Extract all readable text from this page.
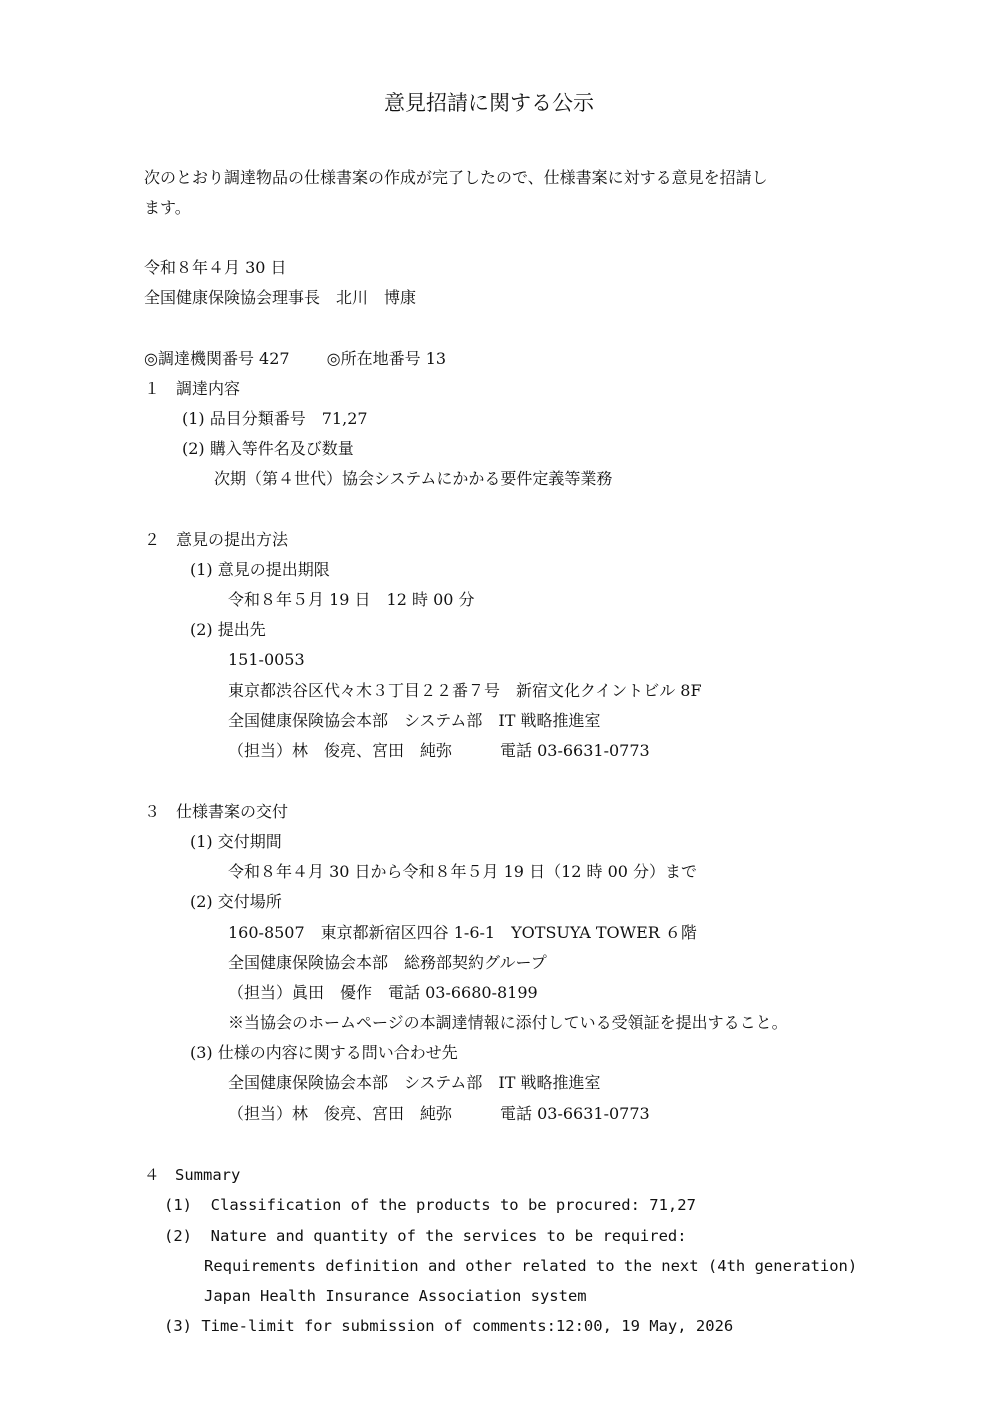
意見招請に関する公示
次のとおり調達物品の仕様書案の作成が完了したので、仕様書案に対する意見を招請し
ます。
令和８年４月 30 日
全国健康保険協会理事長　北川　博康
◎調達機関番号 427　　 ◎所在地番号 13
１　調達内容
(1) 品目分類番号　71,27
(2) 購入等件名及び数量
次期（第４世代）協会システムにかかる要件定義等業務
２　意見の提出方法
(1) 意見の提出期限
令和８年５月 19 日　12 時 00 分
(2) 提出先
151‐0053
東京都渋谷区代々木３丁目２２番７号　新宿文化クイントビル 8F
全国健康保険協会本部　システム部　IT 戦略推進室
（担当）林　俊亮、宮田　純弥　　　電話 03-6631-0773
３　仕様書案の交付
(1) 交付期間
令和８年４月 30 日から令和８年５月 19 日（12 時 00 分）まで
(2) 交付場所
160-8507　東京都新宿区四谷 1-6-1　YOTSUYA TOWER ６階
全国健康保険協会本部　総務部契約グループ
（担当）眞田　優作　電話 03-6680-8199
※当協会のホームページの本調達情報に添付している受領証を提出すること。
(3) 仕様の内容に関する問い合わせ先
全国健康保険協会本部　システム部　IT 戦略推進室
（担当）林　俊亮、宮田　純弥　　　電話 03-6631-0773
４　Summary
(1)  Classification of the products to be procured: 71,27
(2)  Nature and quantity of the services to be required:
Requirements definition and other related to the next (4th generation)
Japan Health Insurance Association system
(3) Time-limit for submission of comments:12:00, 19 May, 2026
